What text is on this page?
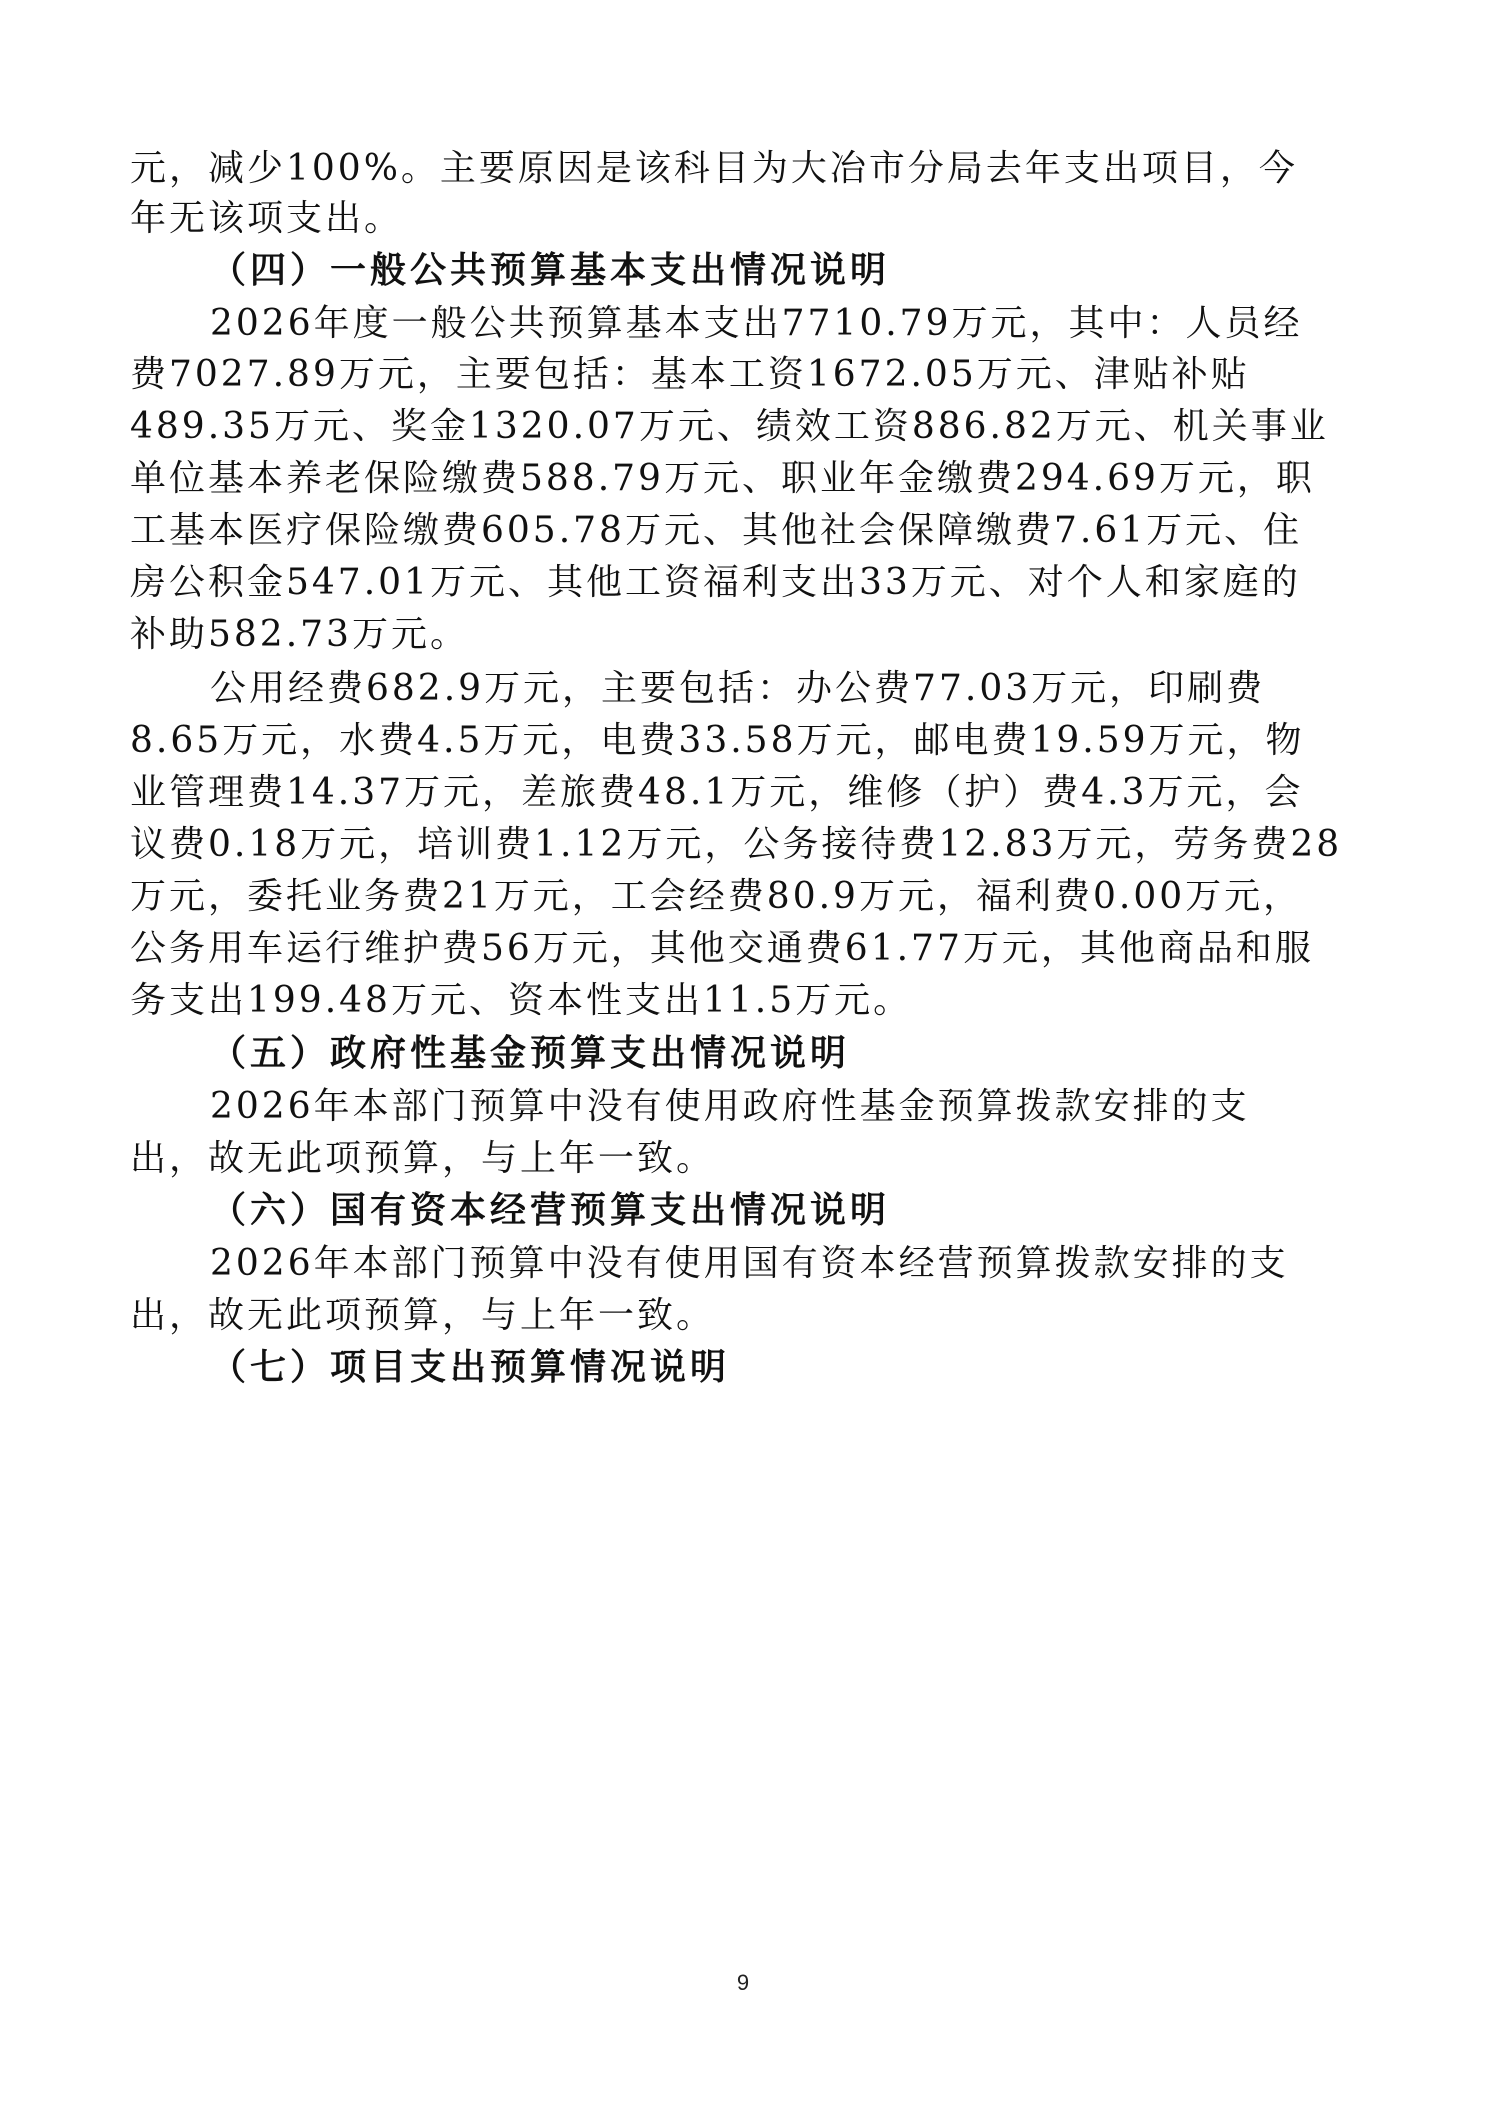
元，减少100%。主要原因是该科目为大冶市分局去年支出项目，今
年无该项支出。
（四）一般公共预算基本支出情况说明
2026年度一般公共预算基本支出7710.79万元，其中：人员经
费7027.89万元，主要包括：基本工资1672.05万元、津贴补贴
489.35万元、奖金1320.07万元、绩效工资886.82万元、机关事业
单位基本养老保险缴费588.79万元、职业年金缴费294.69万元，职
工基本医疗保险缴费605.78万元、其他社会保障缴费7.61万元、住
房公积金547.01万元、其他工资福利支出33万元、对个人和家庭的
补助582.73万元。
公用经费682.9万元，主要包括：办公费77.03万元，印刷费
8.65万元，水费4.5万元，电费33.58万元，邮电费19.59万元，物
业管理费14.37万元，差旅费48.1万元，维修（护）费4.3万元，会
议费0.18万元，培训费1.12万元，公务接待费12.83万元，劳务费28
万元，委托业务费21万元，工会经费80.9万元，福利费0.00万元，
公务用车运行维护费56万元，其他交通费61.77万元，其他商品和服
务支出199.48万元、资本性支出11.5万元。
（五）政府性基金预算支出情况说明
2026年本部门预算中没有使用政府性基金预算拨款安排的支
出，故无此项预算，与上年一致。
（六）国有资本经营预算支出情况说明
2026年本部门预算中没有使用国有资本经营预算拨款安排的支
出，故无此项预算，与上年一致。
（七）项目支出预算情况说明
9
